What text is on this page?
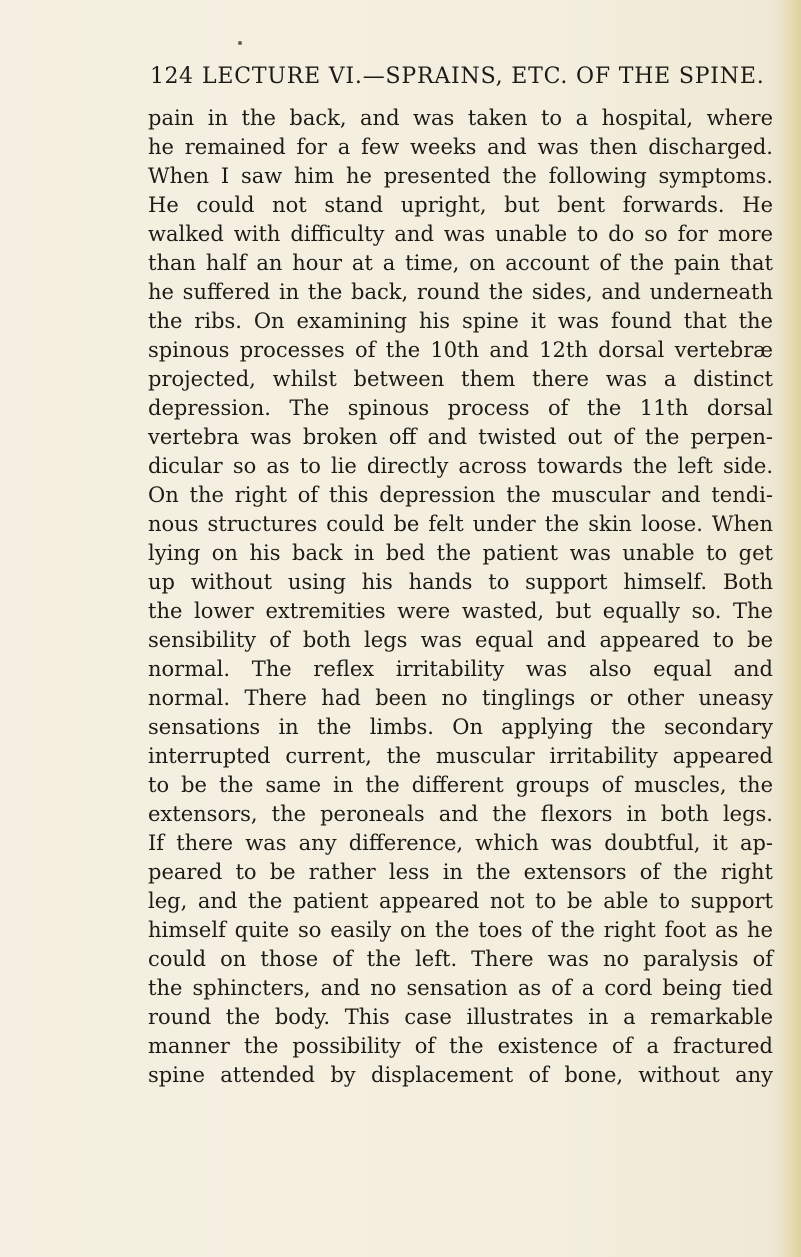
124 LECTURE VI.—SPRAINS, ETC. OF THE SPINE.
pain in the back, and was taken to a hospital, where
he remained for a few weeks and was then discharged.
When I saw him he presented the following symptoms.
He could not stand upright, but bent forwards. He
walked with difficulty and was unable to do so for more
than half an hour at a time, on account of the pain that
he suffered in the back, round the sides, and underneath
the ribs. On examining his spine it was found that the
spinous processes of the 10th and 12th dorsal vertebræ
projected, whilst between them there was a distinct
depression. The spinous process of the 11th dorsal
vertebra was broken off and twisted out of the perpen-
dicular so as to lie directly across towards the left side.
On the right of this depression the muscular and tendi-
nous structures could be felt under the skin loose. When
lying on his back in bed the patient was unable to get
up without using his hands to support himself. Both
the lower extremities were wasted, but equally so. The
sensibility of both legs was equal and appeared to be
normal. The reflex irritability was also equal and
normal. There had been no tinglings or other uneasy
sensations in the limbs. On applying the secondary
interrupted current, the muscular irritability appeared
to be the same in the different groups of muscles, the
extensors, the peroneals and the flexors in both legs.
If there was any difference, which was doubtful, it ap-
peared to be rather less in the extensors of the right
leg, and the patient appeared not to be able to support
himself quite so easily on the toes of the right foot as he
could on those of the left. There was no paralysis of
the sphincters, and no sensation as of a cord being tied
round the body. This case illustrates in a remarkable
manner the possibility of the existence of a fractured
spine attended by displacement of bone, without any
